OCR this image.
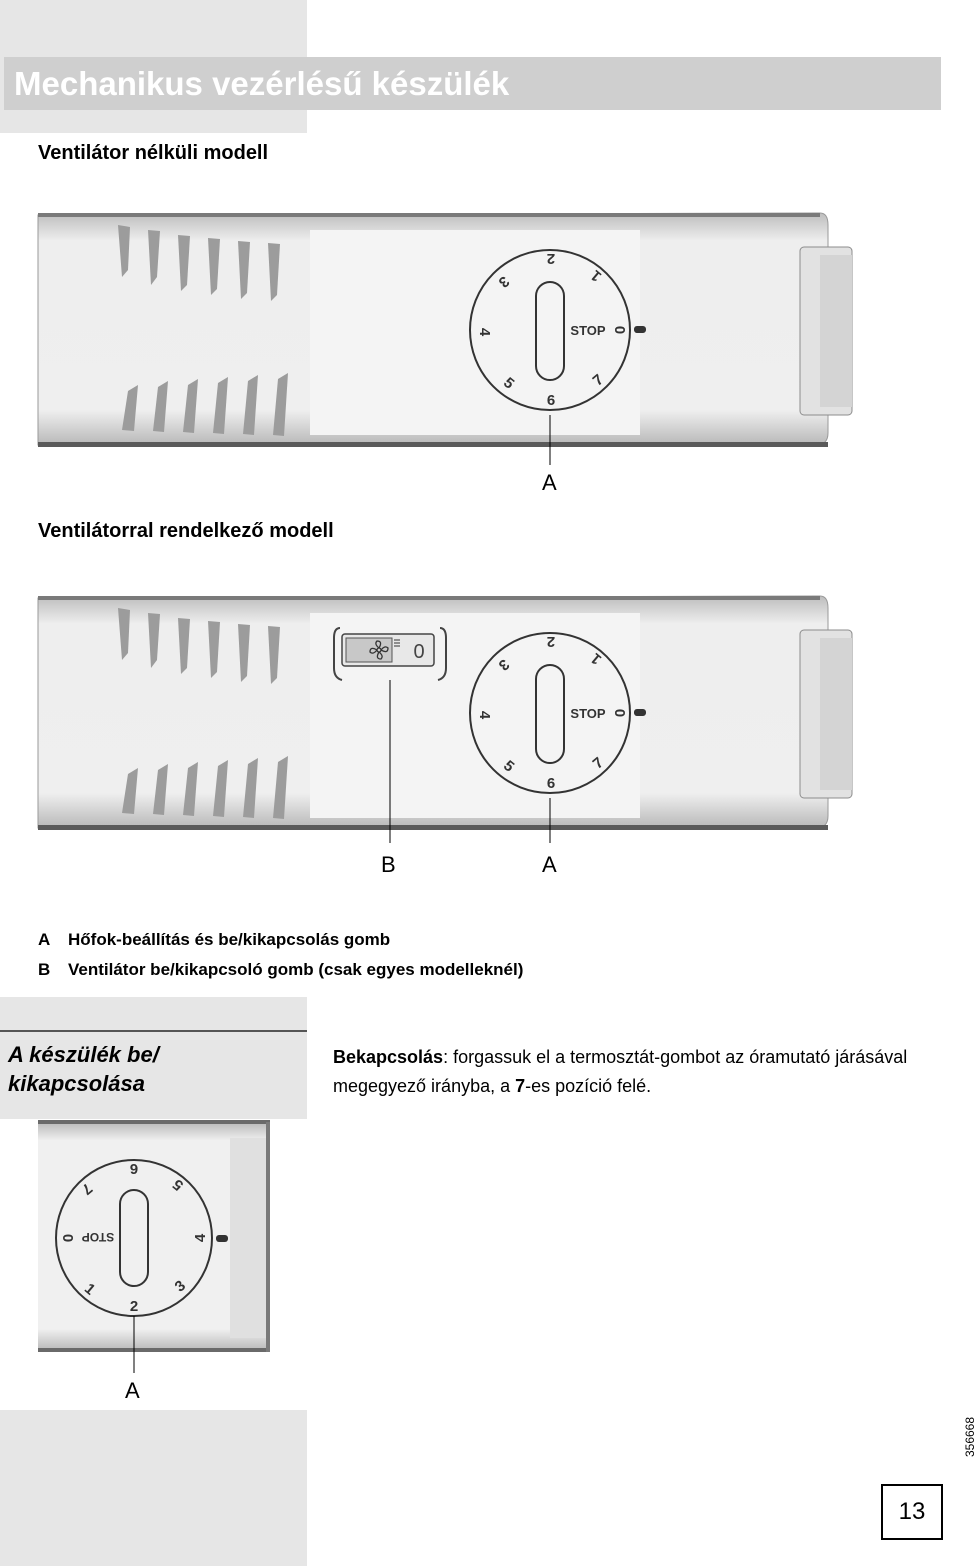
Mechanikus vezérlésű készülék
Ventilátor nélküli modell
2
1
3
4
5
6
7
0
STOP
A
Ventilátorral rendelkező modell
0	2
1
3
4
5
6
7
0
STOP
B	A
A Hőfok-beállítás és be/kikapcsolás gomb
B Ventilátor be/kikapcsoló gomb (csak egyes modelleknél)
A készülék be/
kikapcsolása
Bekapcsolás: forgassuk el a termosztát-gombot az óramutató járásával megegyező irányba, a 7-es pozíció felé.
6
7	5
4
3
2
1
0 STOP
A
356668
13
